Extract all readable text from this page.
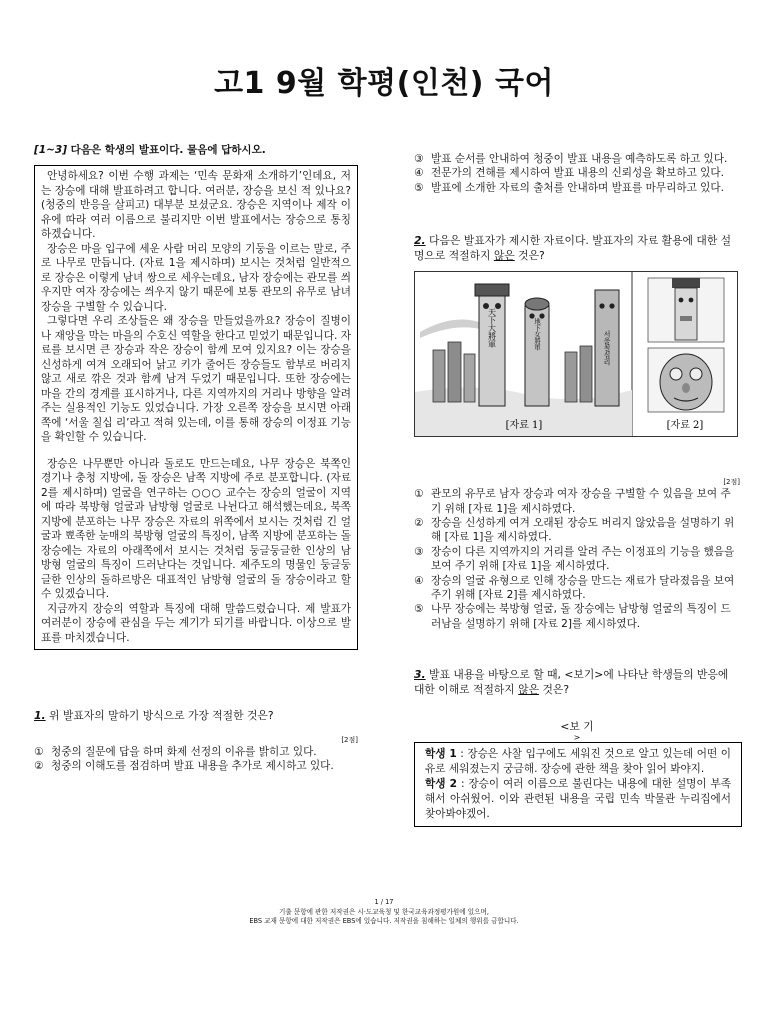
고1 9월 학평(인천) 국어

[1~3] 다음은 학생의 발표이다. 물음에 답하시오.

안녕하세요? 이번 수행 과제는 ‘민속 문화재 소개하기’인데요, 저는 장승에 대해 발표하려고 합니다. 여러분, 장승을 보신 적 있나요? (청중의 반응을 살피고) 대부분 보셨군요. 장승은 지역이나 제작 이유에 따라 여러 이름으로 불리지만 이번 발표에서는 장승으로 통칭하겠습니다.

장승은 마을 입구에 세운 사람 머리 모양의 기둥을 이르는 말로, 주로 나무로 만듭니다. (자료 1을 제시하며) 보시는 것처럼 일반적으로 장승은 이렇게 남녀 쌍으로 세우는데요, 남자 장승에는 관모를 씌우지만 여자 장승에는 씌우지 않기 때문에 보통 관모의 유무로 남녀 장승을 구별할 수 있습니다.

그렇다면 우리 조상들은 왜 장승을 만들었을까요? 장승이 질병이나 재앙을 막는 마을의 수호신 역할을 한다고 믿었기 때문입니다. 자료를 보시면 큰 장승과 작은 장승이 함께 모여 있지요? 이는 장승을 신성하게 여겨 오래되어 낡고 키가 줄어든 장승들도 함부로 버리지 않고 새로 깎은 것과 함께 남겨 두었기 때문입니다. 또한 장승에는 마을 간의 경계를 표시하거나, 다른 지역까지의 거리나 방향을 알려 주는 실용적인 기능도 있었습니다. 가장 오른쪽 장승을 보시면 아래쪽에 ‘서울 칠십 리’라고 적혀 있는데, 이를 통해 장승의 이정표 기능을 확인할 수 있습니다.

장승은 나무뿐만 아니라 돌로도 만드는데요, 나무 장승은 북쪽인 경기나 충청 지방에, 돌 장승은 남쪽 지방에 주로 분포합니다. (자료 2를 제시하며) 얼굴을 연구하는 ○○○ 교수는 장승의 얼굴이 지역에 따라 북방형 얼굴과 남방형 얼굴로 나뉜다고 해석했는데요, 북쪽 지방에 분포하는 나무 장승은 자료의 위쪽에서 보시는 것처럼 긴 얼굴과 뾰족한 눈매의 북방형 얼굴의 특징이, 남쪽 지방에 분포하는 돌 장승에는 자료의 아래쪽에서 보시는 것처럼 둥글둥글한 인상의 남방형 얼굴의 특징이 드러난다는 것입니다. 제주도의 명물인 둥글둥글한 인상의 돌하르방은 대표적인 남방형 얼굴의 돌 장승이라고 할 수 있겠습니다.

지금까지 장승의 역할과 특징에 대해 말씀드렸습니다. 제 발표가 여러분이 장승에 관심을 두는 계기가 되기를 바랍니다. 이상으로 발표를 마치겠습니다.

1. 위 발표자의 말하기 방식으로 가장 적절한 것은?

[2점]

① 청중의 질문에 답을 하며 화제 선정의 이유를 밝히고 있다.
② 청중의 이해도를 점검하며 발표 내용을 추가로 제시하고 있다.
③ 발표 순서를 안내하여 청중이 발표 내용을 예측하도록 하고 있다.
④ 전문가의 견해를 제시하여 발표 내용의 신뢰성을 확보하고 있다.
⑤ 발표에 소개한 자료의 출처를 안내하며 발표를 마무리하고 있다.

2. 다음은 발표자가 제시한 자료이다. 발표자의 자료 활용에 대한 설명으로 적절하지 않은 것은?

天下大將軍	地下女將軍	서울칠십리
[자료 1]	[자료 2]

[2점]

① 관모의 유무로 남자 장승과 여자 장승을 구별할 수 있음을 보여 주기 위해 [자료 1]을 제시하였다.
② 장승을 신성하게 여겨 오래된 장승도 버리지 않았음을 설명하기 위해 [자료 1]을 제시하였다.
③ 장승이 다른 지역까지의 거리를 알려 주는 이정표의 기능을 했음을 보여 주기 위해 [자료 1]을 제시하였다.
④ 장승의 얼굴 유형으로 인해 장승을 만드는 재료가 달라졌음을 보여 주기 위해 [자료 2]를 제시하였다.
⑤ 나무 장승에는 북방형 얼굴, 돌 장승에는 남방형 얼굴의 특징이 드러남을 설명하기 위해 [자료 2]를 제시하였다.

3. 발표 내용을 바탕으로 할 때, <보기>에 나타난 학생들의 반응에 대한 이해로 적절하지 않은 것은?

<보 기

>

학생 1 : 장승은 사찰 입구에도 세워진 것으로 알고 있는데 어떤 이유로 세워졌는지 궁금해. 장승에 관한 책을 찾아 읽어 봐야지.
학생 2 : 장승이 여러 이름으로 불린다는 내용에 대한 설명이 부족해서 아쉬웠어. 이와 관련된 내용을 국립 민속 박물관 누리집에서 찾아봐야겠어.

1 / 17

기출 문항에 관한 저작권은 시·도교육청 및 한국교육과정평가원에 있으며,

EBS 교재 문항에 대한 저작권은 EBS에 있습니다. 저작권을 침해하는 일체의 행위를 금합니다.
